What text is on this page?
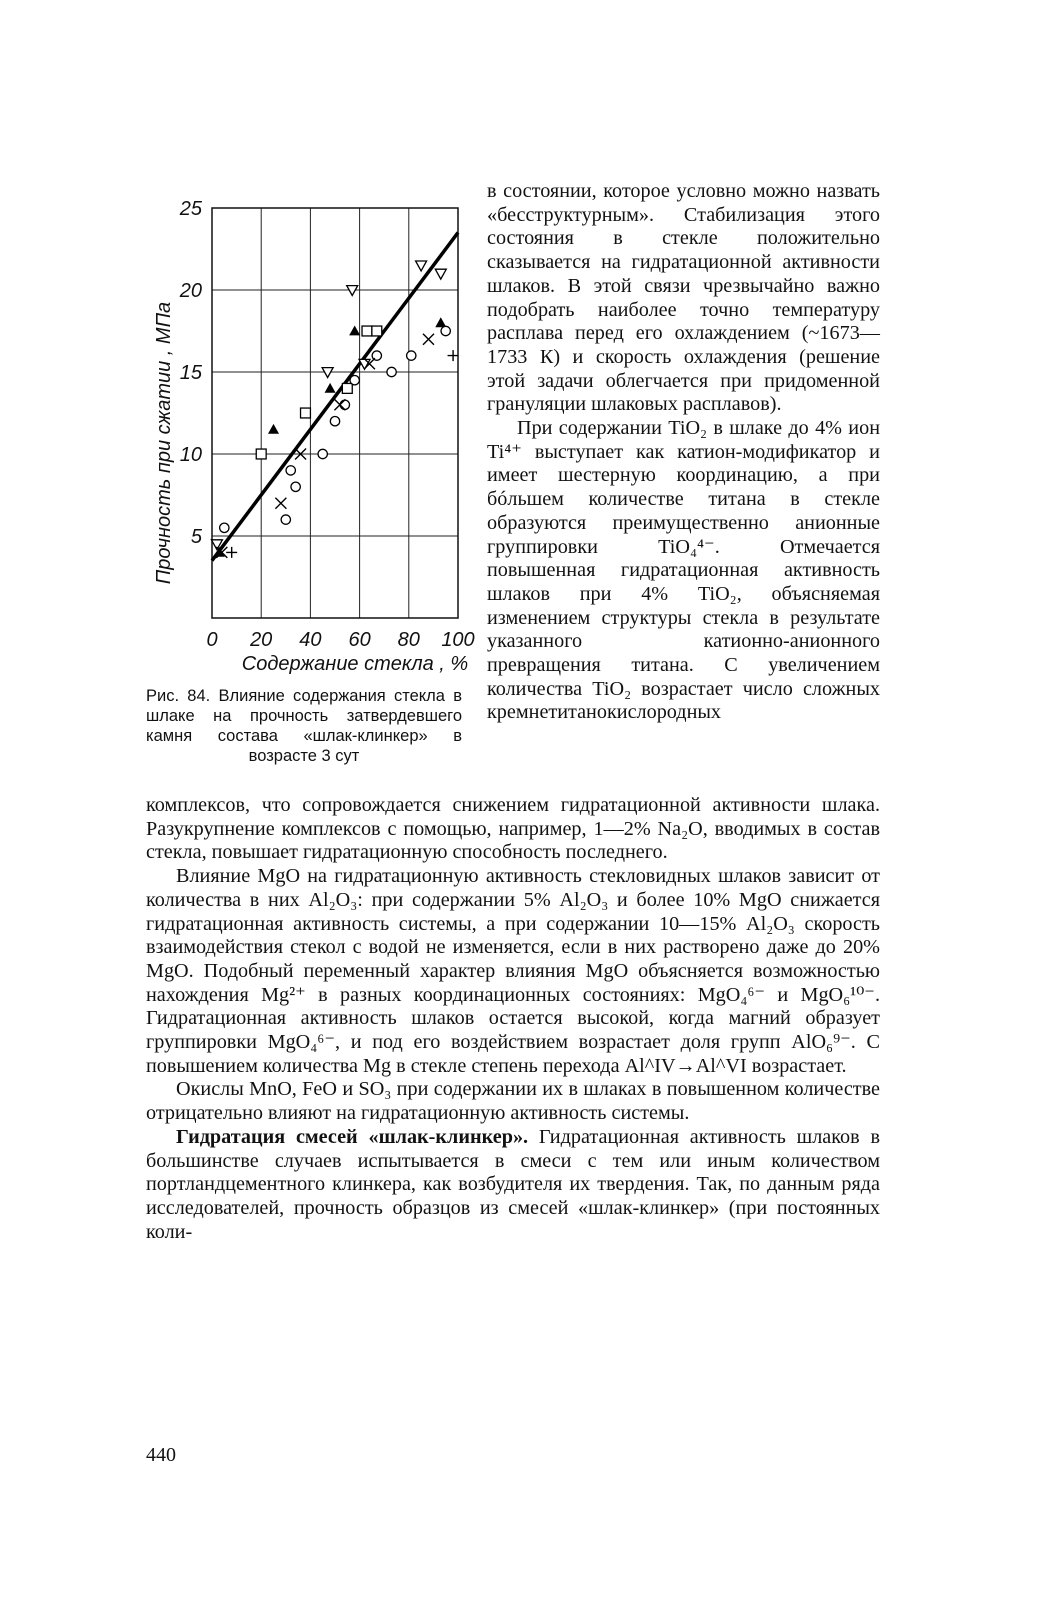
25
20
15
10
5
0 20 40 60 80 100
Содержание стекла , %
Прочность при сжатии , МПа
Рис. 84. Влияние содержания стекла в шлаке на прочность затвердевшего камня состава «шлак-клинкер» в возрасте 3 сут

в состоянии, которое условно можно назвать «бесструктурным». Стабилизация этого состояния в стекле положительно сказывается на гидратационной активности шлаков. В этой связи чрезвычайно важно подобрать наиболее точно температуру расплава перед его охлаждением (~1673—1733 К) и скорость охлаждения (решение этой задачи облегчается при придоменной грануляции шлаковых расплавов).

При содержании TiO₂ в шлаке до 4% ион Ti⁴⁺ выступает как катион-модификатор и имеет шестерную координацию, а при бóльшем количестве титана в стекле образуются преимущественно анионные группировки TiO₄⁴⁻. Отмечается повышенная гидратационная активность шлаков при 4% TiO₂, объясняемая изменением структуры стекла в результате указанного катионно-анионного превращения титана. С увеличением количества TiO₂ возрастает число сложных кремнетитанокислородных

комплексов, что сопровождается снижением гидратационной активности шлака. Разукрупнение комплексов с помощью, например, 1—2% Na₂O, вводимых в состав стекла, повышает гидратационную способность последнего.

Влияние MgO на гидратационную активность стекловидных шлаков зависит от количества в них Al₂O₃: при содержании 5% Al₂O₃ и более 10% MgO снижается гидратационная активность системы, а при содержании 10—15% Al₂O₃ скорость взаимодействия стекол с водой не изменяется, если в них растворено даже до 20% MgO. Подобный переменный характер влияния MgO объясняется возможностью нахождения Mg²⁺ в разных координационных состояниях: MgO₄⁶⁻ и MgO₆¹⁰⁻. Гидратационная активность шлаков остается высокой, когда магний образует группировки MgO₄⁶⁻, и под его воздействием возрастает доля групп AlO₆⁹⁻. С повышением количества Mg в стекле степень перехода Al^IV→Al^VI возрастает.

Окислы MnO, FeO и SO₃ при содержании их в шлаках в повышенном количестве отрицательно влияют на гидратационную активность системы.

Гидратация смесей «шлак-клинкер». Гидратационная активность шлаков в большинстве случаев испытывается в смеси с тем или иным количеством портландцементного клинкера, как возбудителя их твердения. Так, по данным ряда исследователей, прочность образцов из смесей «шлак-клинкер» (при постоянных коли-

440
